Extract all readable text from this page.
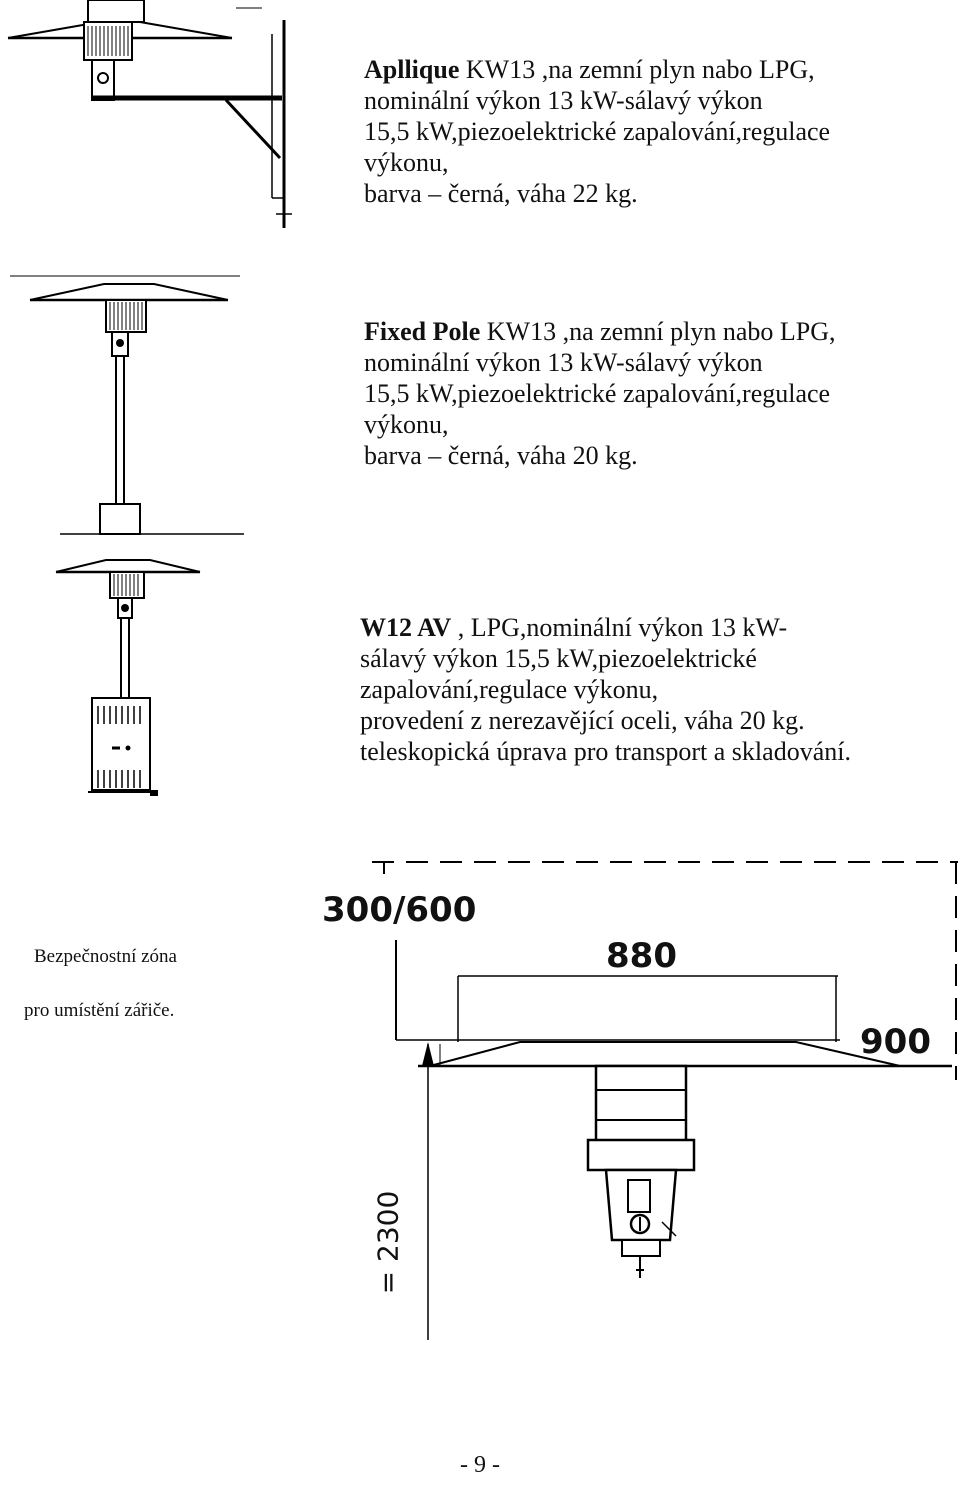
Apllique KW13 ,na zemní plyn nabo LPG,
nominální výkon 13 kW-sálavý výkon
15,5 kW,piezoelektrické zapalování,regulace
výkonu,
barva – černá, váha 22 kg.
Fixed Pole KW13 ,na zemní plyn nabo LPG,
nominální výkon 13 kW-sálavý výkon
15,5 kW,piezoelektrické zapalování,regulace
výkonu,
barva – černá, váha 20 kg.
W12 AV , LPG,nominální výkon 13 kW-
sálavý výkon 15,5 kW,piezoelektrické
zapalování,regulace výkonu,
provedení z nerezavějící oceli, váha 20 kg.
teleskopická úprava pro transport a skladování.
Bezpečnostní zóna
pro umístění zářiče.
300/600
880
900
= 2300
- 9 -
